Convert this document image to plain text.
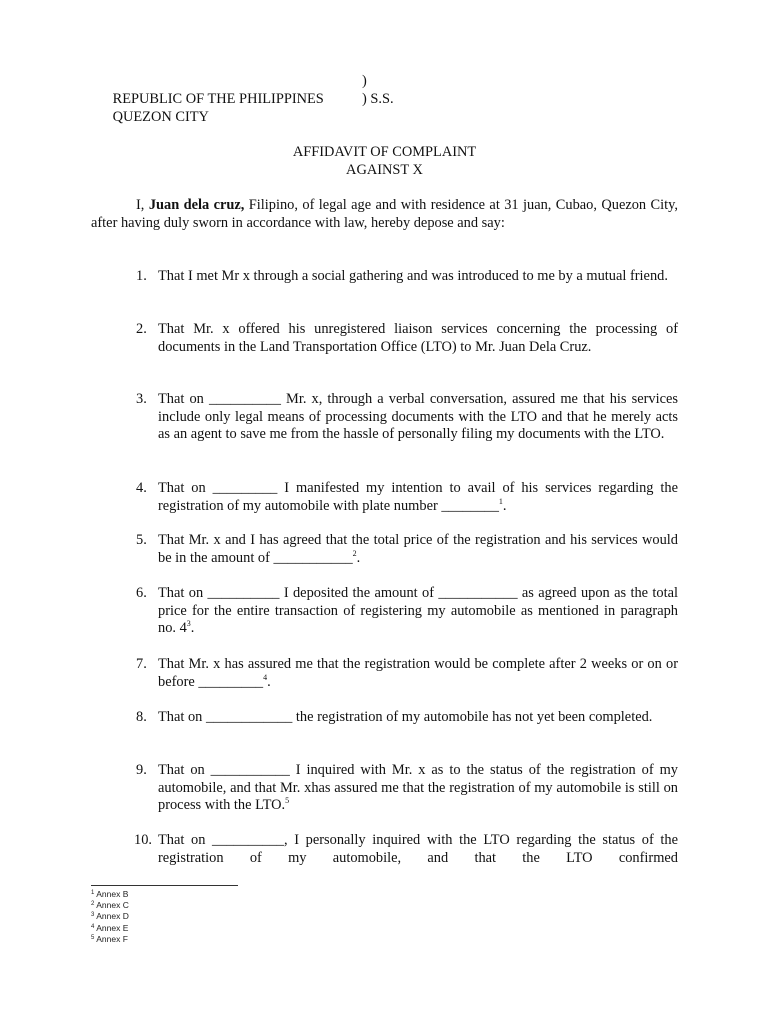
REPUBLIC OF THE PHILIPPINES

)

QUEZON CITY

) S.S.

AFFIDAVIT OF COMPLAINT
AGAINST X
I, Juan dela cruz, Filipino, of legal age and with residence at 31 juan, Cubao, Quezon City, after having duly sworn in accordance with law, hereby depose and say:
1. That I met Mr x through a social gathering and was introduced to me by a mutual friend.
2. That Mr. x offered his unregistered liaison services concerning the processing of documents in the Land Transportation Office (LTO) to Mr. Juan Dela Cruz.
3. That on __________ Mr. x, through a verbal conversation, assured me that his services include only legal means of processing documents with the LTO and that he merely acts as an agent to save me from the hassle of personally filing my documents with the LTO.
4. That on _________ I manifested my intention to avail of his services regarding the registration of my automobile with plate number ________$^1$.
5. That Mr. x and I has agreed that the total price of the registration and his services would be in the amount of ___________$^2$.
6. That on __________ I deposited the amount of ___________ as agreed upon as the total price for the entire transaction of registering my automobile as mentioned in paragraph no. $4^3$.
7. That Mr. x has assured me that the registration would be complete after 2 weeks or on or before _________$^4$.
8. That on ____________ the registration of my automobile has not yet been completed.
9. That on ___________ I inquired with Mr. x as to the status of the registration of my automobile, and that Mr. xhas assured me that the registration of my automobile is still on process with the LTO.$^5$
10. That on __________, I personally inquired with the LTO regarding the status of the registration of my automobile, and that the LTO confirmed
$^1$ Annex B
$^2$ Annex C
$^3$ Annex D
$^4$ Annex E
$^5$ Annex F
